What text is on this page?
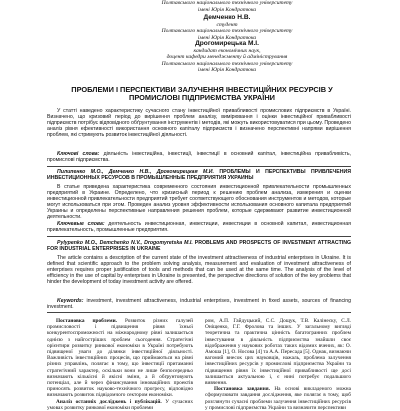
Полтавського національного технічного університету
імені Юрія Кондратюка
Демченко Н.В.
студент
Полтавського національного технічного університету
імені Юрія Кондратюка
Дрогомирецька М.І.
кандидат економічних наук,
доцент кафедри менеджменту й адміністрування
Полтавського національного технічного університету
імені Юрія Кондратюка
ПРОБЛЕМИ І ПЕРСПЕКТИВИ ЗАЛУЧЕННЯ ІНВЕСТИЦІЙНИХ РЕСУРСІВ У ПРОМИСЛОВІ ПІДПРИЄМСТВА УКРАЇНИ
У статті наведено характеристику сучасного стану інвестиційної привабливості промислових підприємств в Україні. Визначено, що кризовий період до вирішення проблем аналізу, вимірювання і оцінки інвестиційної привабливості підприємств потрібує відповідного обґрунтування інструментів і методів, які можуть використовуватися при цьому. Проведено аналіз рівня ефективності використання основного капіталу підприємств і визначено перспективні напрями вирішення проблем, які стримують розвиток інвестиційної діяльності.
Ключові слова: діяльність інвестиційна, інвестиції, інвестиції в основний капітал, інвестиційна привабливість, промислові підприємства.
Пилипенко М.О., Демченко Н.В., Дрогомирецкая М.И. ПРОБЛЕМЫ И ПЕРСПЕКТИВЫ ПРИВЛЕЧЕНИЯ ИНВЕСТИЦИОННЫХ РЕСУРСОВ В ПРОМЫШЛЕННЫЕ ПРЕДПРИЯТИЯ УКРАИНЫ
В статье приведена характеристика современного состояния инвестиционной привлекательности промышленных предприятий в Украине. Определено, что кризисный период к решению проблем анализа, измерения и оценки инвестиционной привлекательности предприятий требует соответствующего обоснования инструментов и методов, которые могут использоваться при этом. Проведен анализ уровня эффективности использования основного капитала предприятий Украины и определены перспективные направления решения проблем, которые сдерживают развитие инвестиционной деятельности.
Ключевые слова: деятельность инвестиционная, инвестиции, инвестиции в основной капитал, инвестиционная привлекательность, промышленные предприятия.
Pylypenko M.O., Demchenko N.V., Drogomyretska M.I. PROBLEMS AND PROSPECTS OF INVESTMENT ATTRACTING FOR INDUSTRIAL ENTERPRISES IN UKRAINE
The article contains a description of the current state of the investment attractiveness of industrial enterprises in Ukraine. It is defined that scientific approach to the problem solving analysis, measurement and evaluation of investment attractiveness of enterprises requires proper justification of tools and methods that can be used at the same time. The analysis of the level of efficiency in the use of capital by enterprises in Ukraine is presented, the perspective directions of solution of the key problems that hinder the development of today investment activity are offered.
Keywords: investment, investment attractiveness, industrial enterprises, investment in fixed assets, sources of financing investment.

Постановка проблеми. Розвиток різних галузей промисловості і підвищення рівня їхньої конкурентоспроможності на міжнародному рівні залишається однією з найгостріших проблем сьогодення. Стратегічні орієнтири розвитку ринкової економіки в Україні потребують підвищеної уваги до ділянки інвестиційної діяльності. Важливість інвестиційних процесів, що приймаються на рівні різних управлінь, полягає в тому, що інвестиції притаманні стратегічний характер, оскільки вони не лише безпосередньо визначають кількісні й якісні зміни, а й обґрунтовують потенціал, але й через фінансування інноваційних проектів приносять розвиток науково-технічного прогресу, відповідно визначають розвиток підвідомчого сектором економіки.

Аналіз останніх досліджень і публікацій. У сучасних умовах розвитку ринкової економіки проблеми

ром, А.П. Гайдуцький, С.С. Дощук, Т.В. Калінеску, С.Л. Оніщенко, Г.Г. Фролова та інших. У загальному вигляді теоретична та практична цінність багатогранних проблем інвестування в діяльність підприємства знайшли своє відображення у наукових роботах таких відомих вчених, як: О. Амоша [1], О. Носова [4] та А.А. Пересада [5]. Однак, визнаючи вагомий внесок цих науковців, нажаль, проблема залучення інвестиційних ресурсів у промислові підприємства України та підвищення рівня їх інвестиційної привабливості ще досі залишається актуальною і, є нині потребує подальшого вивчення.

Постановка завдання. На основі викладеного можна сформулювати завдання дослідження, яке полягає в тому, щоб розглянути сучасні проблеми залучення інвестиційних ресурсів у промислові підприємства України та визначити перспективи
